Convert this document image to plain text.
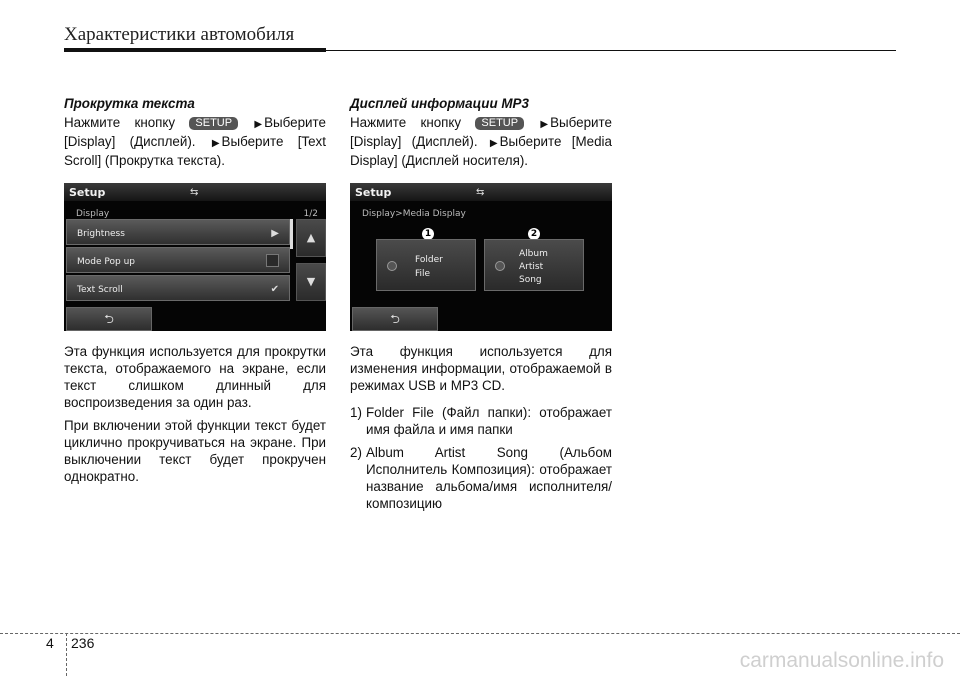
Характеристики автомобиля

Прокрутка текста

Нажмите кнопку SETUP ▶ Выберите [Display] (Дисплей). ▶ Выберите [Text Scroll] (Прокрутка текста).

Setup	⇆
Display	1/2
Brightness	▶
Mode Pop up
Text Scroll	✔
▲
▼
⮌

Эта функция используется для прокрутки текста, отображаемого на экране, если текст слишком длинный для воспроизведения за один раз.

При включении этой функции текст будет циклично прокручиваться на экране. При выключении текст будет прокручен однократно.

Дисплей информации MP3

Нажмите кнопку SETUP ▶ Выберите [Display] (Дисплей). ▶ Выберите [Media Display] (Дисплей носителя).

Setup	⇆
Display>Media Display
1	2
Folder
File
Album
Artist
Song
⮌

Эта функция используется для изменения информации, отображаемой в режимах USB и MP3 CD.

1) Folder File (Файл папки): отображает имя файла и имя папки
2) Album Artist Song (Альбом Исполнитель Композиция): отображает название альбома/имя исполнителя/композицию
4 236
carmanualsonline.info
